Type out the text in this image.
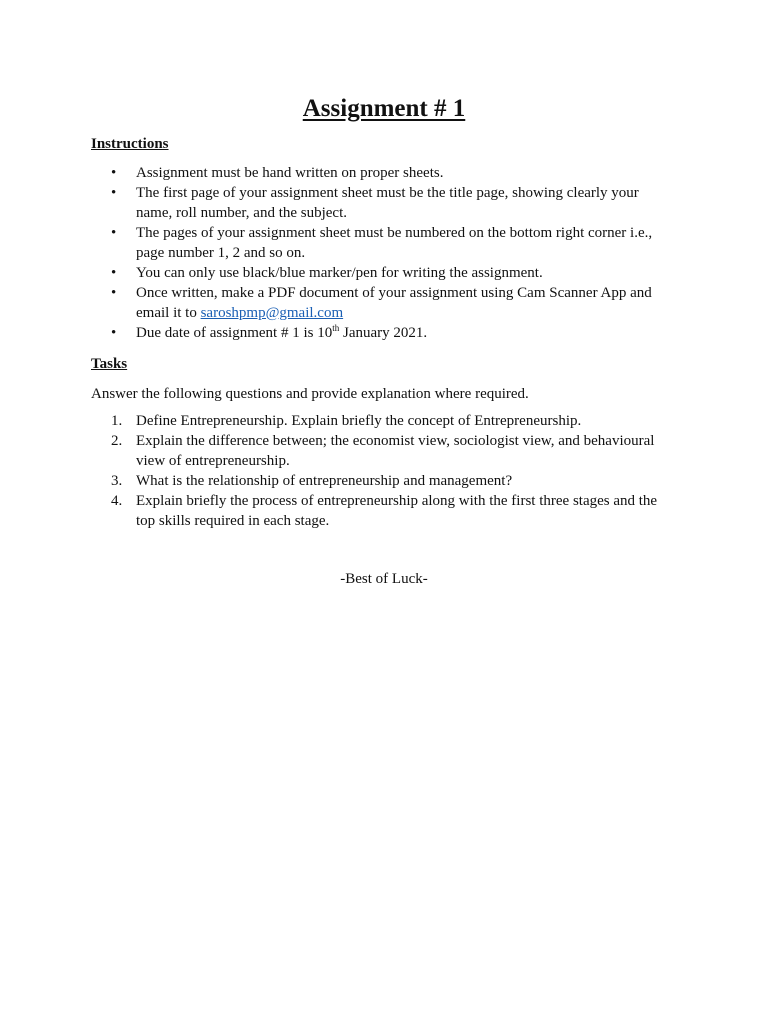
Assignment # 1
Instructions
• Assignment must be hand written on proper sheets.
• The first page of your assignment sheet must be the title page, showing clearly your name, roll number, and the subject.
• The pages of your assignment sheet must be numbered on the bottom right corner i.e., page number 1, 2 and so on.
• You can only use black/blue marker/pen for writing the assignment.
• Once written, make a PDF document of your assignment using Cam Scanner App and email it to saroshpmp@gmail.com
• Due date of assignment # 1 is 10th January 2021.
Tasks
Answer the following questions and provide explanation where required.
1. Define Entrepreneurship. Explain briefly the concept of Entrepreneurship.
2. Explain the difference between; the economist view, sociologist view, and behavioural view of entrepreneurship.
3. What is the relationship of entrepreneurship and management?
4. Explain briefly the process of entrepreneurship along with the first three stages and the top skills required in each stage.
-Best of Luck-
